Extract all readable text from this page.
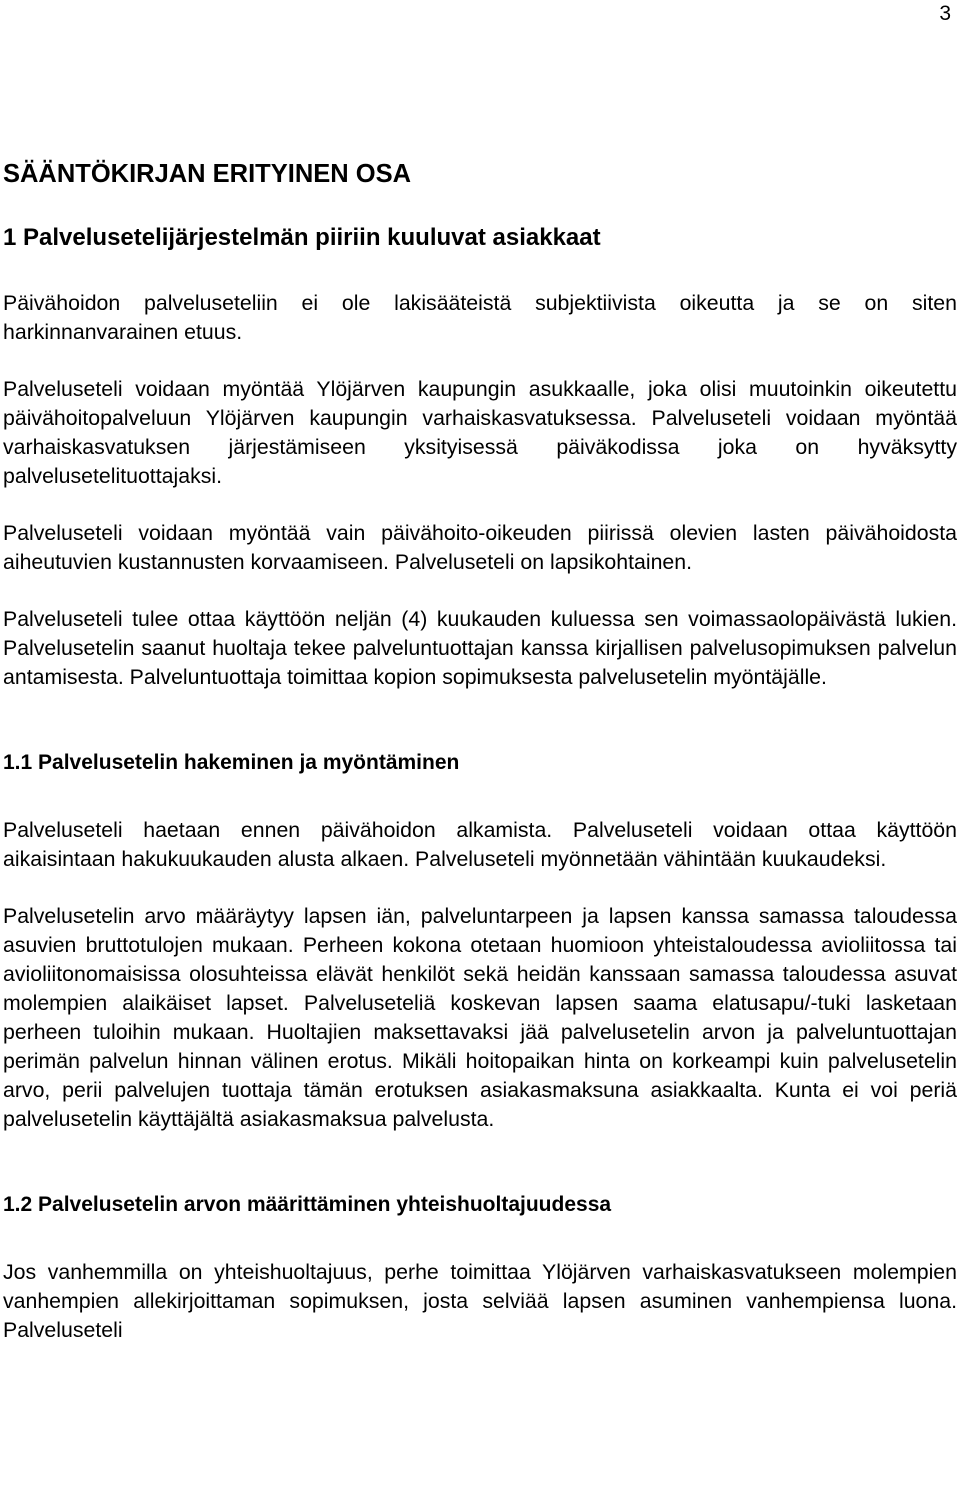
3
SÄÄNTÖKIRJAN ERITYINEN OSA
1 Palvelusetelijärjestelmän piiriin kuuluvat asiakkaat

Päivähoidon palveluseteliin ei ole lakisääteistä subjektiivista oikeutta ja se on siten harkinnanvarainen etuus.

Palveluseteli voidaan myöntää Ylöjärven kaupungin asukkaalle, joka olisi muutoinkin oikeutettu päivähoitopalveluun Ylöjärven kaupungin varhaiskasvatuksessa. Palveluseteli voidaan myöntää varhaiskasvatuksen järjestämiseen yksityisessä päiväkodissa joka on hyväksytty palvelusetelituottajaksi.

Palveluseteli voidaan myöntää vain päivähoito-oikeuden piirissä olevien lasten päivähoidosta aiheutuvien kustannusten korvaamiseen. Palveluseteli on lapsikohtainen.

Palveluseteli tulee ottaa käyttöön neljän (4) kuukauden kuluessa sen voimassaolopäivästä lukien. Palvelusetelin saanut huoltaja tekee palveluntuottajan kanssa kirjallisen palvelusopimuksen palvelun antamisesta. Palveluntuottaja toimittaa kopion sopimuksesta palvelusetelin myöntäjälle.

1.1 Palvelusetelin hakeminen ja myöntäminen

Palveluseteli haetaan ennen päivähoidon alkamista. Palveluseteli voidaan ottaa käyttöön aikaisintaan hakukuukauden alusta alkaen. Palveluseteli myönnetään vähintään kuukaudeksi.

Palvelusetelin arvo määräytyy lapsen iän, palveluntarpeen ja lapsen kanssa samassa taloudessa asuvien bruttotulojen mukaan. Perheen kokona otetaan huomioon yhteistaloudessa avioliitossa tai avioliitonomaisissa olosuhteissa elävät henkilöt sekä heidän kanssaan samassa taloudessa asuvat molempien alaikäiset lapset. Palveluseteliä koskevan lapsen saama elatusapu/-tuki lasketaan perheen tuloihin mukaan. Huoltajien maksettavaksi jää palvelusetelin arvon ja palveluntuottajan perimän palvelun hinnan välinen erotus. Mikäli hoitopaikan hinta on korkeampi kuin palvelusetelin arvo, perii palvelujen tuottaja tämän erotuksen asiakasmaksuna asiakkaalta. Kunta ei voi periä palvelusetelin käyttäjältä asiakasmaksua palvelusta.

1.2 Palvelusetelin arvon määrittäminen yhteishuoltajuudessa

Jos vanhemmilla on yhteishuoltajuus, perhe toimittaa Ylöjärven varhaiskasvatukseen molempien vanhempien allekirjoittaman sopimuksen, josta selviää lapsen asuminen vanhempiensa luona. Palveluseteli
